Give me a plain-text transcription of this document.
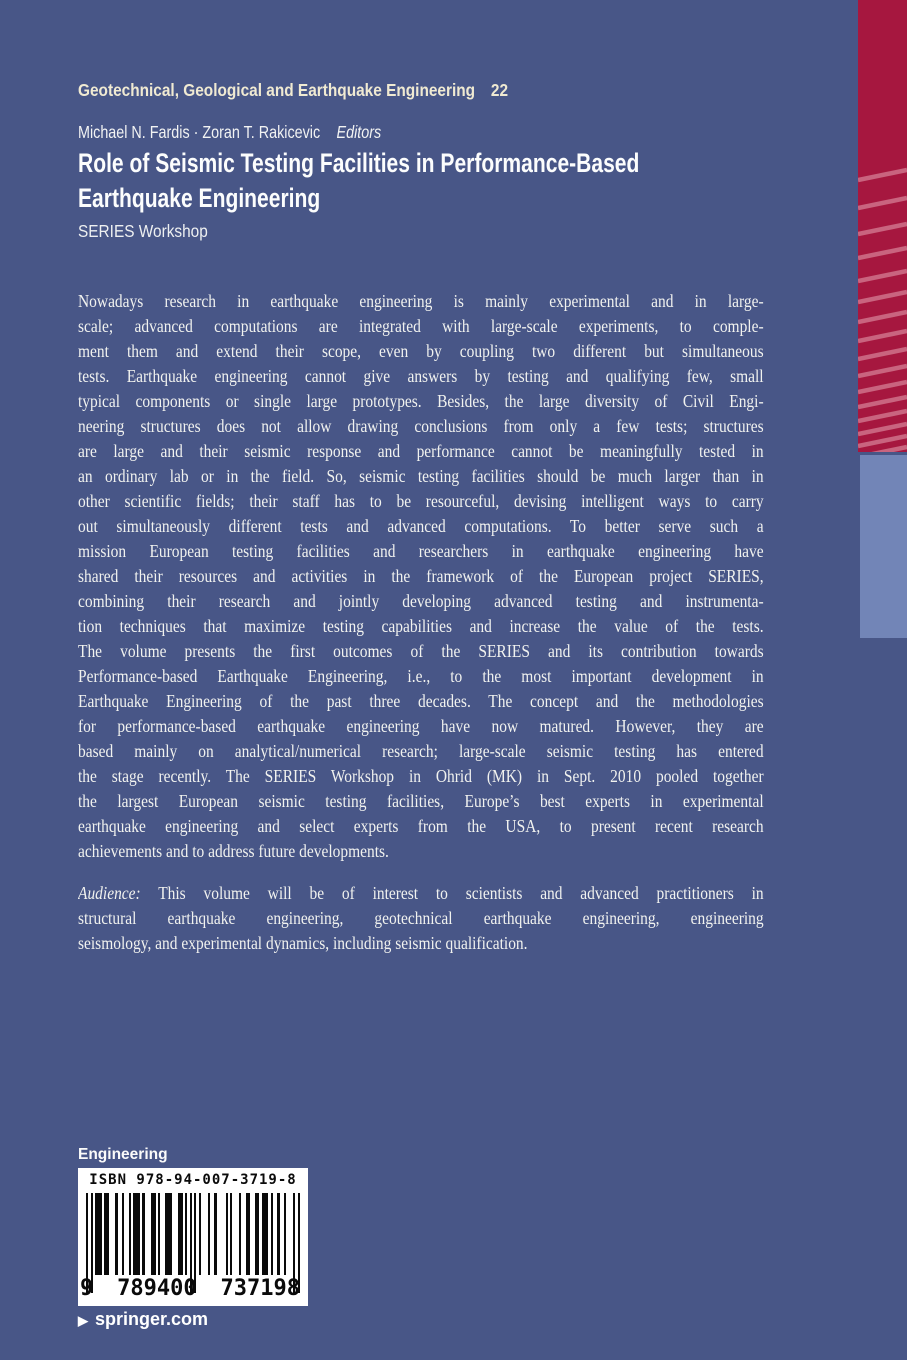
Geotechnical, Geological and Earthquake Engineering 22
Michael N. Fardis · Zoran T. Rakicevic Editors
Role of Seismic Testing Facilities in Performance-Based
Earthquake Engineering
SERIES Workshop
Nowadays research in earthquake engineering is mainly experimental and in large-
scale; advanced computations are integrated with large-scale experiments, to comple-
ment them and extend their scope, even by coupling two different but simultaneous
tests. Earthquake engineering cannot give answers by testing and qualifying few, small
typical components or single large prototypes. Besides, the large diversity of Civil Engi-
neering structures does not allow drawing conclusions from only a few tests; structures
are large and their seismic response and performance cannot be meaningfully tested in
an ordinary lab or in the field. So, seismic testing facilities should be much larger than in
other scientific fields; their staff has to be resourceful, devising intelligent ways to carry
out simultaneously different tests and advanced computations. To better serve such a
mission European testing facilities and researchers in earthquake engineering have
shared their resources and activities in the framework of the European project SERIES,
combining their research and jointly developing advanced testing and instrumenta-
tion techniques that maximize testing capabilities and increase the value of the tests.
The volume presents the first outcomes of the SERIES and its contribution towards
Performance-based Earthquake Engineering, i.e., to the most important development in
Earthquake Engineering of the past three decades. The concept and the methodologies
for performance-based earthquake engineering have now matured. However, they are
based mainly on analytical/numerical research; large-scale seismic testing has entered
the stage recently. The SERIES Workshop in Ohrid (MK) in Sept. 2010 pooled together
the largest European seismic testing facilities, Europe’s best experts in experimental
earthquake engineering and select experts from the USA, to present recent research
achievements and to address future developments.
Audience: This volume will be of interest to scientists and advanced practitioners in
structural earthquake engineering, geotechnical earthquake engineering, engineering
seismology, and experimental dynamics, including seismic qualification.
Engineering
ISBN 978-94-007-3719-8
9 789400 737198
▶ springer.com
